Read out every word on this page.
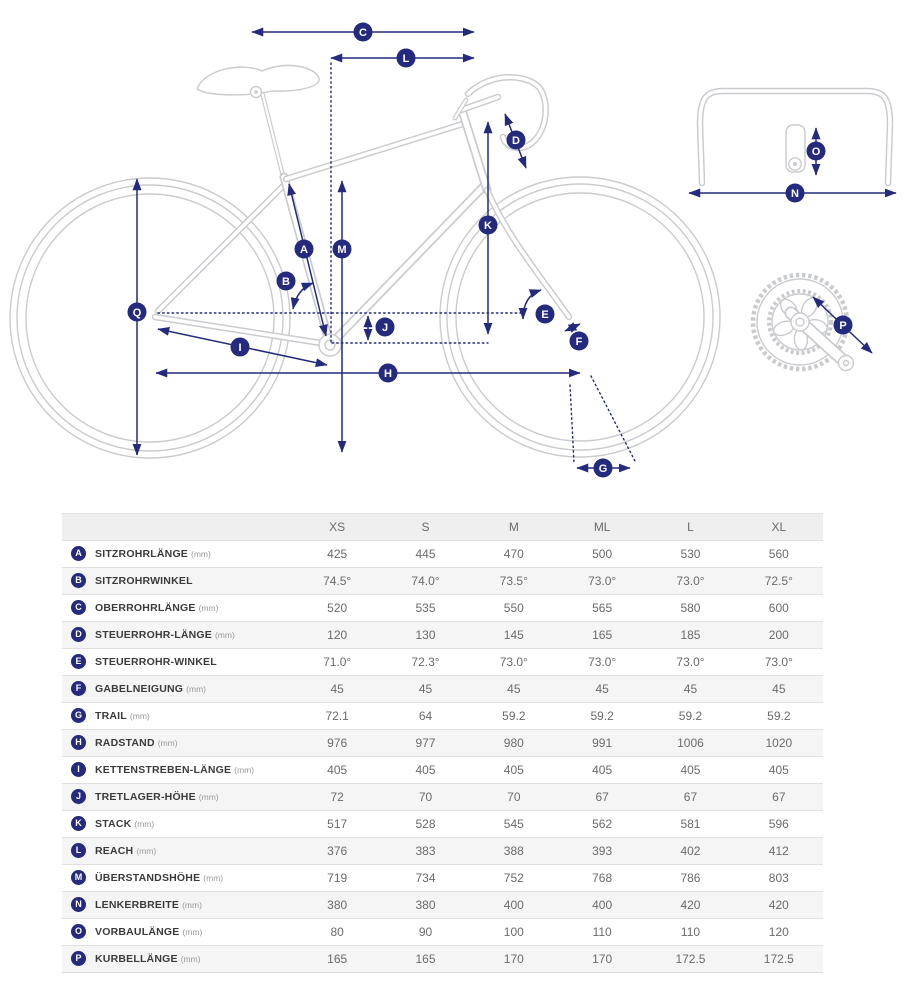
A
B
C
D
E
F
G
H
I
J
K
L
M
N
O
P
Q
	XS	S	M	ML	L	XL
A SITZROHRLÄNGE (mm)	425	445	470	500	530	560
B SITZROHRWINKEL	74.5°	74.0°	73.5°	73.0°	73.0°	72.5°
C OBERROHRLÄNGE (mm)	520	535	550	565	580	600
D STEUERROHR-LÄNGE (mm)	120	130	145	165	185	200
E STEUERROHR-WINKEL	71.0°	72.3°	73.0°	73.0°	73.0°	73.0°
F GABELNEIGUNG (mm)	45	45	45	45	45	45
G TRAIL (mm)	72.1	64	59.2	59.2	59.2	59.2
H RADSTAND (mm)	976	977	980	991	1006	1020
I KETTENSTREBEN-LÄNGE (mm)	405	405	405	405	405	405
J TRETLAGER-HÖHE (mm)	72	70	70	67	67	67
K STACK (mm)	517	528	545	562	581	596
L REACH (mm)	376	383	388	393	402	412
M ÜBERSTANDSHÖHE (mm)	719	734	752	768	786	803
N LENKERBREITE (mm)	380	380	400	400	420	420
O VORBAULÄNGE (mm)	80	90	100	110	110	120
P KURBELLÄNGE (mm)	165	165	170	170	172.5	172.5
